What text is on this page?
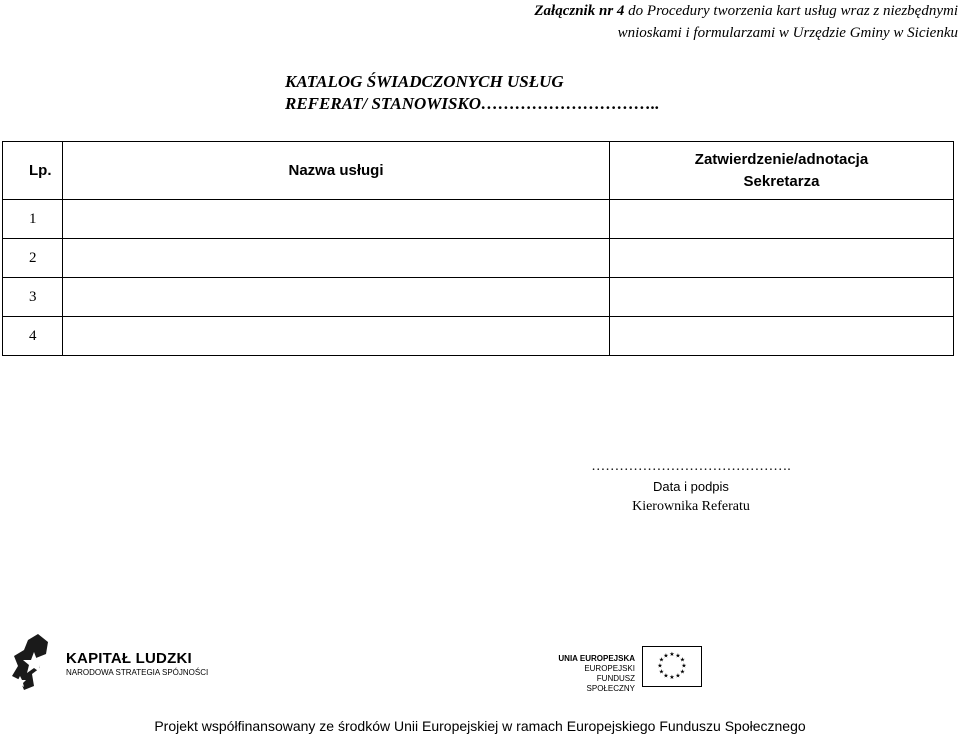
Załącznik nr 4 do Procedury tworzenia kart usług wraz z niezbędnymi
wnioskami i formularzami w Urzędzie Gminy w Sicienku
KATALOG ŚWIADCZONYCH USŁUG
REFERAT/ STANOWISKO…………………………..
Lp.	Nazwa usługi	Zatwierdzenie/adnotacja
Sekretarza

1		
2		
3		
4		
…………………………………….
Data i podpis
Kierownika Referatu
KAPITAŁ LUDZKI
NARODOWA STRATEGIA SPÓJNOŚCI
UNIA EUROPEJSKA
EUROPEJSKI
FUNDUSZ SPOŁECZNY
★ ★
★
★
★
★
★
★
★
★
★
★
Projekt współfinansowany ze środków Unii Europejskiej w ramach Europejskiego Funduszu Społecznego
